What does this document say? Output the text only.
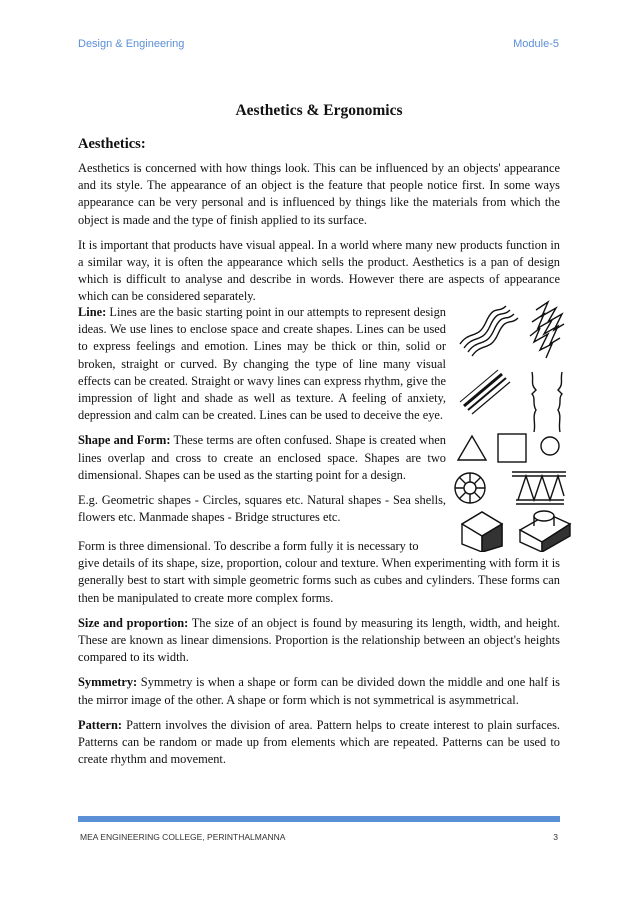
Design & Engineering	Module-5
Aesthetics & Ergonomics
Aesthetics:

Aesthetics is concerned with how things look. This can be influenced by an objects' appearance and its style. The appearance of an object is the feature that people notice first. In some ways appearance can be very personal and is influenced by things like the materials from which the object is made and the type of finish applied to its surface.

It is important that products have visual appeal. In a world where many new products function in a similar way, it is often the appearance which sells the product. Aesthetics is a pan of design which is difficult to analyse and describe in words. However there are aspects of appearance which can be considered separately.

Line: Lines are the basic starting point in our attempts to represent design ideas. We use lines to enclose space and create shapes. Lines can be used to express feelings and emotion. Lines may be thick or thin, solid or broken, straight or curved. By changing the type of line many visual effects can be created. Straight or wavy lines can express rhythm, give the impression of light and shade as well as texture. A feeling of anxiety, depression and calm can be created. Lines can be used to deceive the eye.

Shape and Form: These terms are often confused. Shape is created when lines overlap and cross to create an enclosed space. Shapes are two dimensional. Shapes can be used as the starting point for a design.

E.g. Geometric shapes - Circles, squares etc. Natural shapes - Sea shells, flowers etc. Manmade shapes - Bridge structures etc.

Form is three dimensional. To describe a form fully it is necessary to

give details of its shape, size, proportion, colour and texture. When experimenting with form it is generally best to start with simple geometric forms such as cubes and cylinders. These forms can then be manipulated to create more complex forms.

Size and proportion: The size of an object is found by measuring its length, width, and height. These are known as linear dimensions. Proportion is the relationship between an object's heights compared to its width.

Symmetry: Symmetry is when a shape or form can be divided down the middle and one half is the mirror image of the other. A shape or form which is not symmetrical is asymmetrical.

Pattern: Pattern involves the division of area. Pattern helps to create interest to plain surfaces. Patterns can be random or made up from elements which are repeated. Patterns can be used to create rhythm and movement.

MEA ENGINEERING COLLEGE, PERINTHALMANNA	3
